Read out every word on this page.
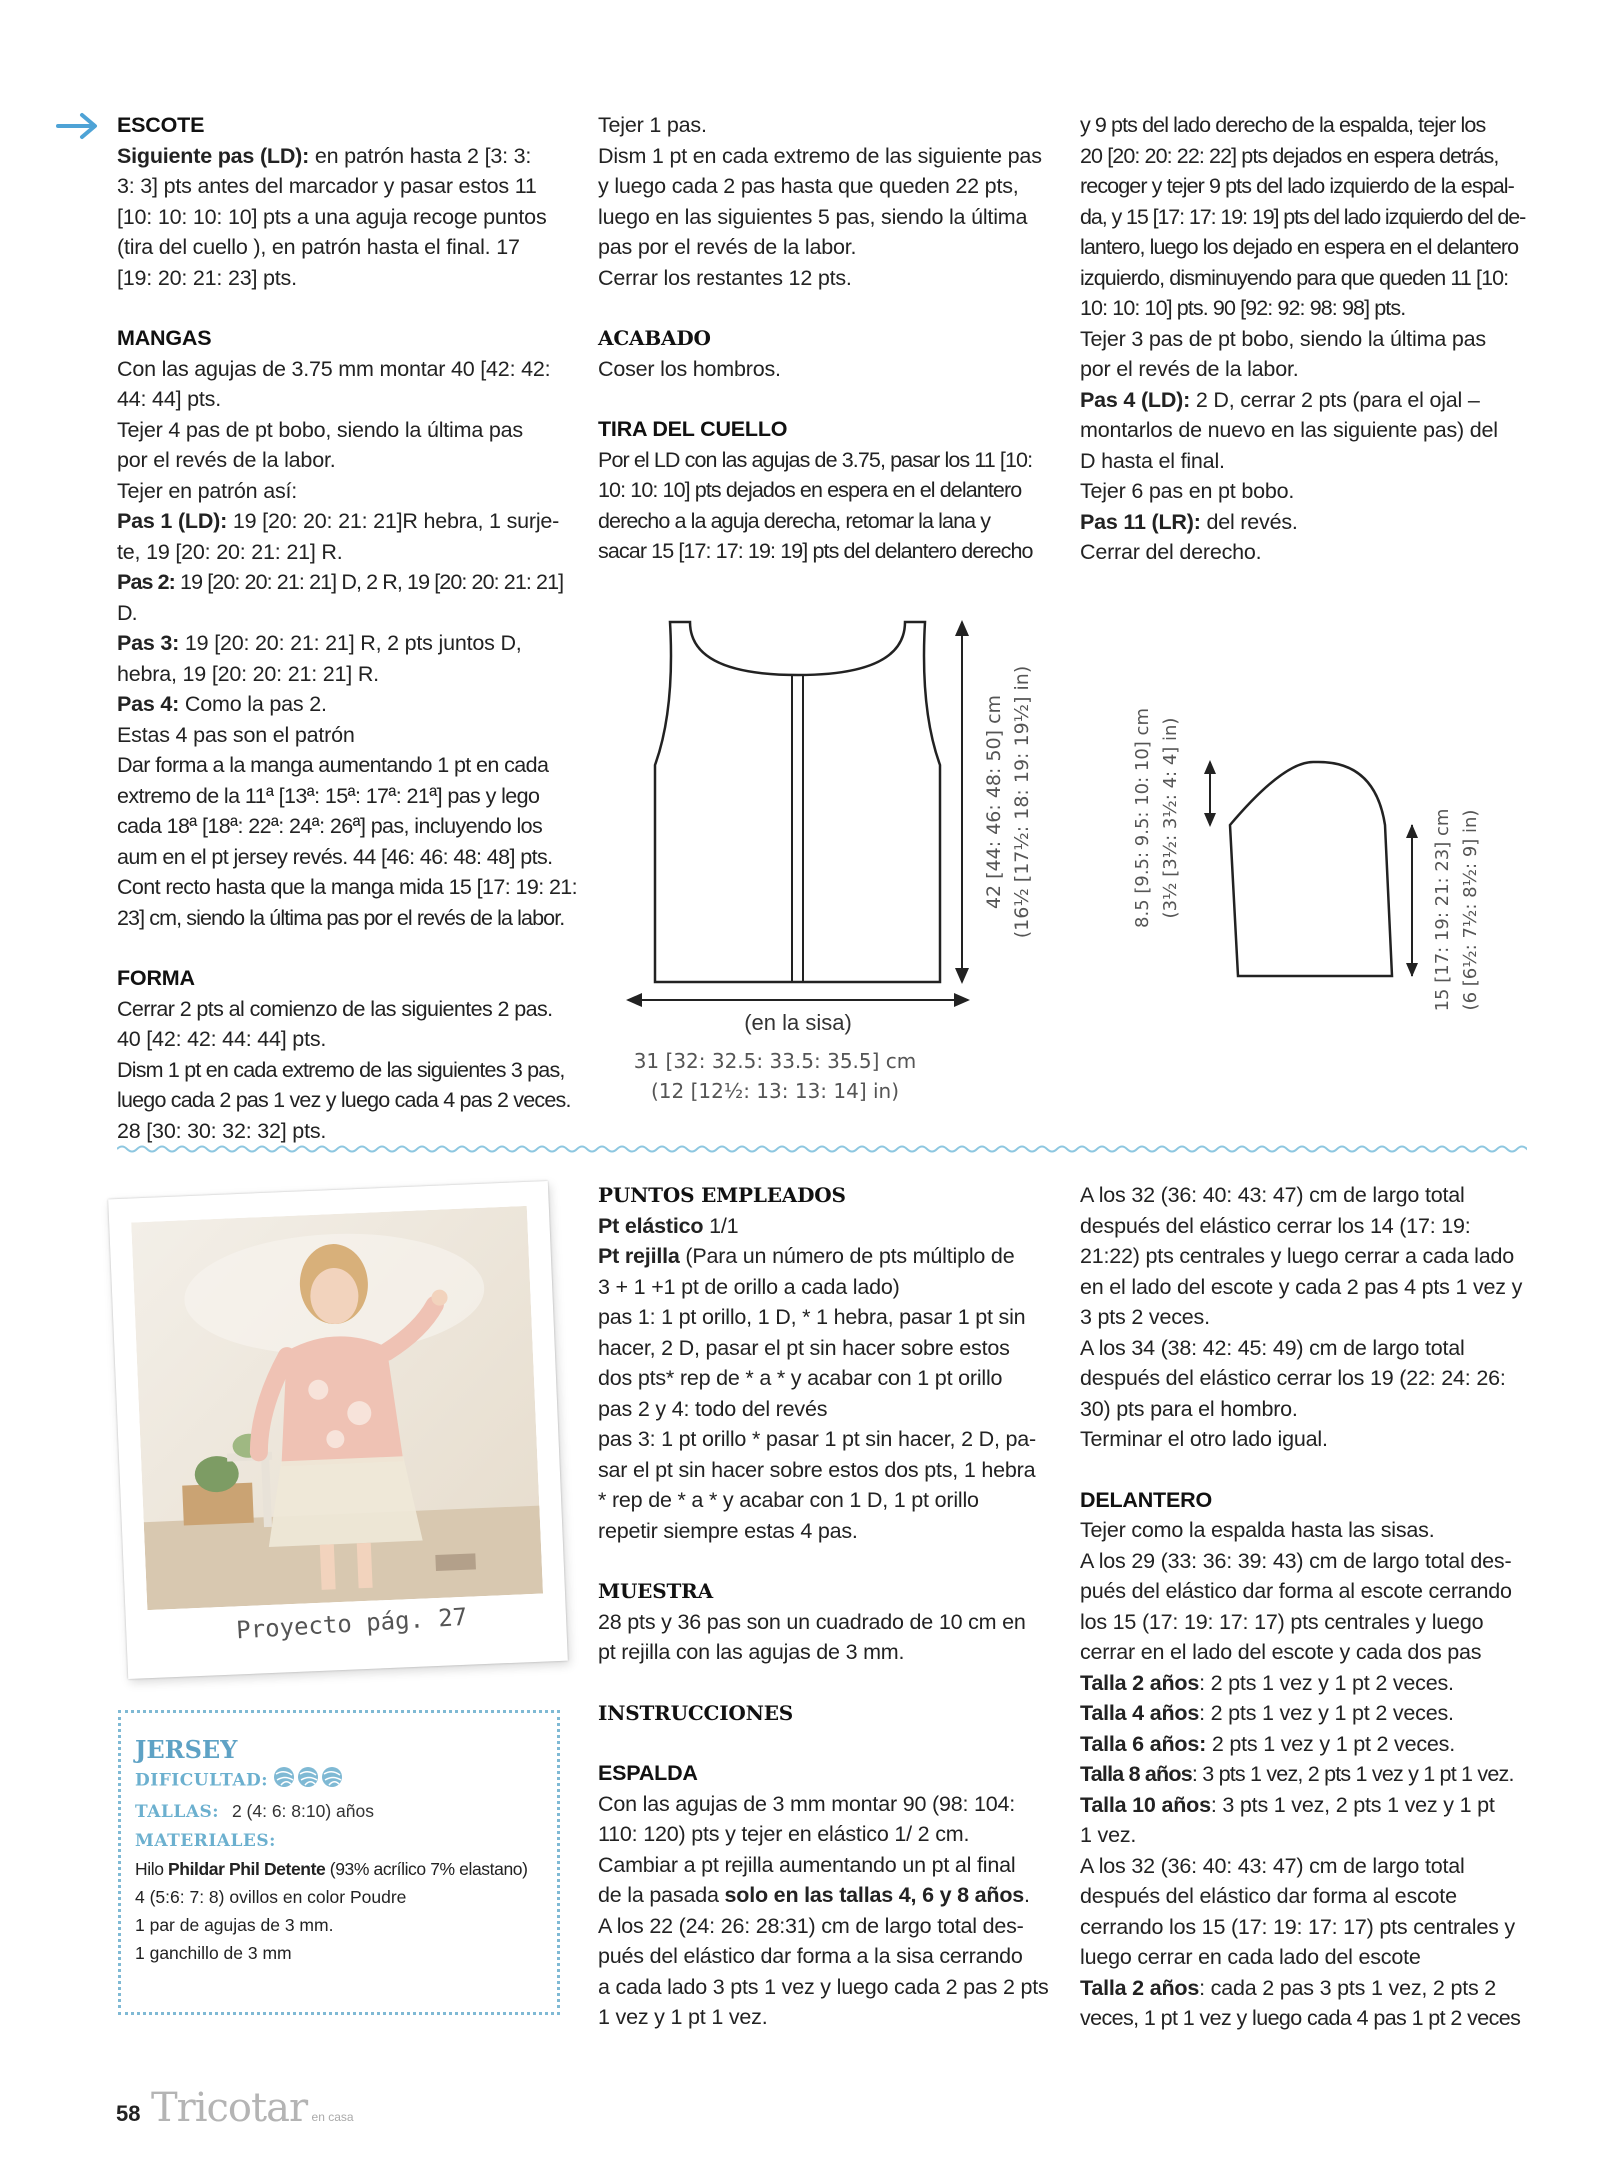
ESCOTE

Siguiente pas (LD): en patrón hasta 2 [3: 3:

3: 3] pts antes del marcador y pasar estos 11

[10: 10: 10: 10] pts a una aguja recoge puntos

(tira del cuello ), en patrón hasta el final. 17

[19: 20: 21: 23] pts.

MANGAS

Con las agujas de 3.75 mm montar 40 [42: 42:

44: 44] pts.

Tejer 4 pas de pt bobo, siendo la última pas

por el revés de la labor.

Tejer en patrón así:

Pas 1 (LD): 19 [20: 20: 21: 21]R hebra, 1 surje-

te, 19 [20: 20: 21: 21] R.

Pas 2: 19 [20: 20: 21: 21] D, 2 R, 19 [20: 20: 21: 21] D.

Pas 3: 19 [20: 20: 21: 21] R, 2 pts juntos D,

hebra, 19 [20: 20: 21: 21] R.

Pas 4: Como la pas 2.

Estas 4 pas son el patrón

Dar forma a la manga aumentando 1 pt en cada

extremo de la 11ª [13ª: 15ª: 17ª: 21ª] pas y lego

cada 18ª [18ª: 22ª: 24ª: 26ª] pas, incluyendo los

aum en el pt jersey revés. 44 [46: 46: 48: 48] pts.

Cont recto hasta que la manga mida 15 [17: 19: 21:

23] cm, siendo la última pas por el revés de la labor.

FORMA

Cerrar 2 pts al comienzo de las siguientes 2 pas.

40 [42: 42: 44: 44] pts.

Dism 1 pt en cada extremo de las siguientes 3 pas,

luego cada 2 pas 1 vez y luego cada 4 pas 2 veces.

28 [30: 30: 32: 32] pts.

Tejer 1 pas.

Dism 1 pt en cada extremo de las siguiente pas

y luego cada 2 pas hasta que queden 22 pts,

luego en las siguientes 5 pas, siendo la última

pas por el revés de la labor.

Cerrar los restantes 12 pts.

ACABADO

Coser los hombros.

TIRA DEL CUELLO

Por el LD con las agujas de 3.75, pasar los 11 [10:

10: 10: 10] pts dejados en espera en el delantero

derecho a la aguja derecha, retomar la lana y

sacar 15 [17: 17: 19: 19] pts del delantero derecho

y 9 pts del lado derecho de la espalda, tejer los

20 [20: 20: 22: 22] pts dejados en espera detrás,

recoger y tejer 9 pts del lado izquierdo de la espal-

da, y 15 [17: 17: 19: 19] pts del lado izquierdo del de-

lantero, luego los dejado en espera en el delantero

izquierdo, disminuyendo para que queden 11 [10:

10: 10: 10] pts. 90 [92: 92: 98: 98] pts.

Tejer 3 pas de pt bobo, siendo la última pas

por el revés de la labor.

Pas 4 (LD): 2 D, cerrar 2 pts (para el ojal –

montarlos de nuevo en las siguiente pas) del

D hasta el final.

Tejer 6 pas en pt bobo.

Pas 11 (LR): del revés.

Cerrar del derecho.

(en la sisa)
31 [32: 32.5: 33.5: 35.5] cm
(12 [12½: 13: 13: 14] in)
42 [44: 46: 48: 50] cm (16½ [17½: 18: 19: 19½] in)	8.5 [9.5: 9.5: 10: 10] cm (3½ [3½: 3½: 4: 4] in)	15 [17: 19: 21: 23] cm (6 [6½: 7½: 8½: 9] in)
Proyecto pág. 27
JERSEY
DIFICULTAD:
TALLAS: 2 (4: 6: 8:10) años
MATERIALES:
Hilo Phildar Phil Detente (93% acrílico 7% elastano)
4 (5:6: 7: 8) ovillos en color Poudre
1 par de agujas de 3 mm.
1 ganchillo de 3 mm

PUNTOS EMPLEADOS

Pt elástico 1/1

Pt rejilla (Para un número de pts múltiplo de

3 + 1 +1 pt de orillo a cada lado)

pas 1: 1 pt orillo, 1 D, * 1 hebra, pasar 1 pt sin

hacer, 2 D, pasar el pt sin hacer sobre estos

dos pts* rep de * a * y acabar con 1 pt orillo

pas 2 y 4: todo del revés

pas 3: 1 pt orillo * pasar 1 pt sin hacer, 2 D, pa-

sar el pt sin hacer sobre estos dos pts, 1 hebra

* rep de * a * y acabar con 1 D, 1 pt orillo

repetir siempre estas 4 pas.

MUESTRA

28 pts y 36 pas son un cuadrado de 10 cm en

pt rejilla con las agujas de 3 mm.

INSTRUCCIONES

ESPALDA

Con las agujas de 3 mm montar 90 (98: 104:

110: 120) pts y tejer en elástico 1/ 2 cm.

Cambiar a pt rejilla aumentando un pt al final

de la pasada solo en las tallas 4, 6 y 8 años.

A los 22 (24: 26: 28:31) cm de largo total des-

pués del elástico dar forma a la sisa cerrando

a cada lado 3 pts 1 vez y luego cada 2 pas 2 pts

1 vez y 1 pt 1 vez.

A los 32 (36: 40: 43: 47) cm de largo total

después del elástico cerrar los 14 (17: 19:

21:22) pts centrales y luego cerrar a cada lado

en el lado del escote y cada 2 pas 4 pts 1 vez y

3 pts 2 veces.

A los 34 (38: 42: 45: 49) cm de largo total

después del elástico cerrar los 19 (22: 24: 26:

30) pts para el hombro.

Terminar el otro lado igual.

DELANTERO

Tejer como la espalda hasta las sisas.

A los 29 (33: 36: 39: 43) cm de largo total des-

pués del elástico dar forma al escote cerrando

los 15 (17: 19: 17: 17) pts centrales y luego

cerrar en el lado del escote y cada dos pas

Talla 2 años: 2 pts 1 vez y 1 pt 2 veces.

Talla 4 años: 2 pts 1 vez y 1 pt 2 veces.

Talla 6 años: 2 pts 1 vez y 1 pt 2 veces.

Talla 8 años: 3 pts 1 vez, 2 pts 1 vez y 1 pt 1 vez.

Talla 10 años: 3 pts 1 vez, 2 pts 1 vez y 1 pt

1 vez.

A los 32 (36: 40: 43: 47) cm de largo total

después del elástico dar forma al escote

cerrando los 15 (17: 19: 17: 17) pts centrales y

luego cerrar en cada lado del escote

Talla 2 años: cada 2 pas 3 pts 1 vez, 2 pts 2

veces, 1 pt 1 vez y luego cada 4 pas 1 pt 2 veces

58 Tricotar en casa
